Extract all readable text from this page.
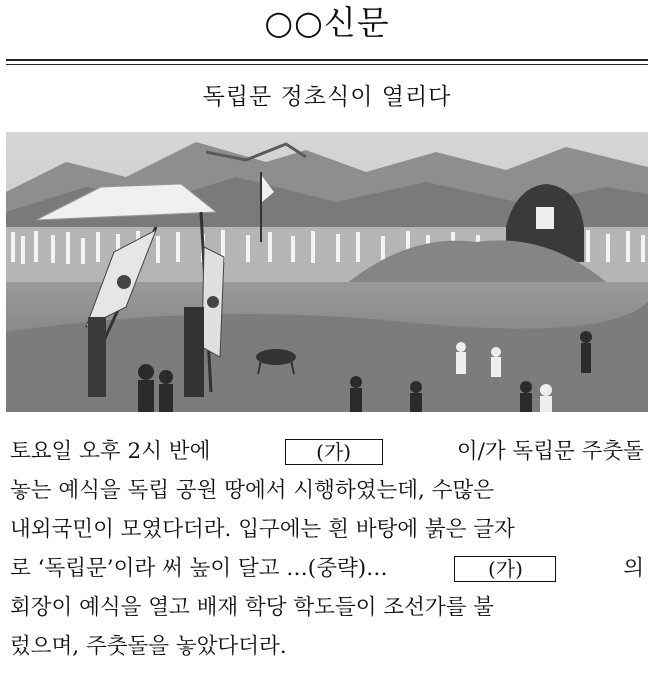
○○신문
독립문 정초식이 열리다
토요일 오후 2시 반에	(가)	이/가 독립문 주춧돌
놓는 예식을 독립 공원 땅에서 시행하였는데, 수많은
내외국민이 모였다더라. 입구에는 흰 바탕에 붉은 글자
로 ‘독립문’이라 써 높이 달고 …(중략)…	(가)	의
회장이 예식을 열고 배재 학당 학도들이 조선가를 불
렀으며, 주춧돌을 놓았다더라.
